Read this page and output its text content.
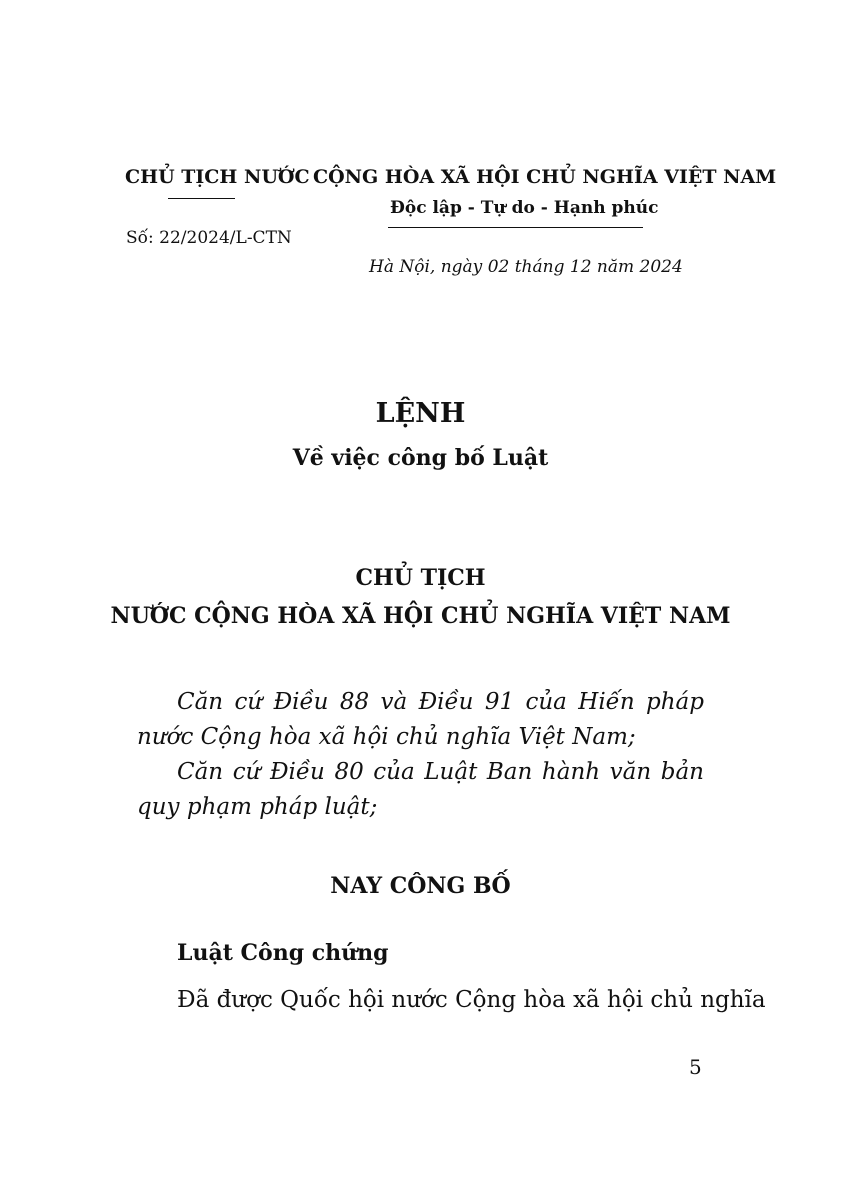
CHỦ TỊCH NƯỚC
Số: 22/2024/L-CTN
CỘNG HÒA XÃ HỘI CHỦ NGHĨA VIỆT NAM
Độc lập - Tự do - Hạnh phúc
Hà Nội, ngày 02 tháng 12 năm 2024
LỆNH
Về việc công bố Luật
CHỦ TỊCH
NƯỚC CỘNG HÒA XÃ HỘI CHỦ NGHĨA VIỆT NAM
Căn cứ Điều 88 và Điều 91 của Hiến pháp nước Cộng hòa xã hội chủ nghĩa Việt Nam;
Căn cứ Điều 80 của Luật Ban hành văn bản quy phạm pháp luật;
NAY CÔNG BỐ
Luật Công chứng
Đã được Quốc hội nước Cộng hòa xã hội chủ nghĩa
5
